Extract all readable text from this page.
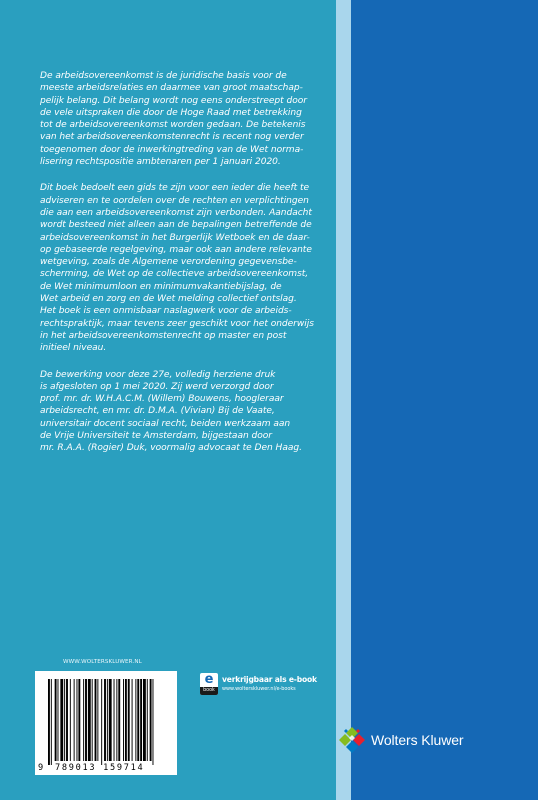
De arbeidsovereenkomst is de juridische basis voor de
meeste arbeidsrelaties en daarmee van groot maatschap-
pelijk belang. Dit belang wordt nog eens onderstreept door
de vele uitspraken die door de Hoge Raad met betrekking
tot de arbeidsovereenkomst worden gedaan. De betekenis
van het arbeidsovereenkomstenrecht is recent nog verder
toegenomen door de inwerkingtreding van de Wet norma-
lisering rechtspositie ambtenaren per 1 januari 2020.

Dit boek bedoelt een gids te zijn voor een ieder die heeft te
adviseren en te oordelen over de rechten en verplichtingen
die aan een arbeidsovereenkomst zijn verbonden. Aandacht
wordt besteed niet alleen aan de bepalingen betreffende de
arbeidsovereenkomst in het Burgerlijk Wetboek en de daar-
op gebaseerde regelgeving, maar ook aan andere relevante
wetgeving, zoals de Algemene verordening gegevensbe-
scherming, de Wet op de collectieve arbeidsovereenkomst,
de Wet minimumloon en minimumvakantiebijslag, de
Wet arbeid en zorg en de Wet melding collectief ontslag.
Het boek is een onmisbaar naslagwerk voor de arbeids-
rechtspraktijk, maar tevens zeer geschikt voor het onderwijs
in het arbeidsovereenkomstenrecht op master en post
initieel niveau.

De bewerking voor deze 27e, volledig herziene druk
is afgesloten op 1 mei 2020. Zij werd verzorgd door
prof. mr. dr. W.H.A.C.M. (Willem) Bouwens, hoogleraar
arbeidsrecht, en mr. dr. D.M.A. (Vivian) Bij de Vaate,
universitair docent sociaal recht, beiden werkzaam aan
de Vrije Universiteit te Amsterdam, bijgestaan door
mr. R.A.A. (Rogier) Duk, voormalig advocaat te Den Haag.

WWW.WOLTERSKLUWER.NL
9 789013 159714
e
book
verkrijgbaar als e-book
www.wolterskluwer.nl/e-books
Wolters Kluwer
